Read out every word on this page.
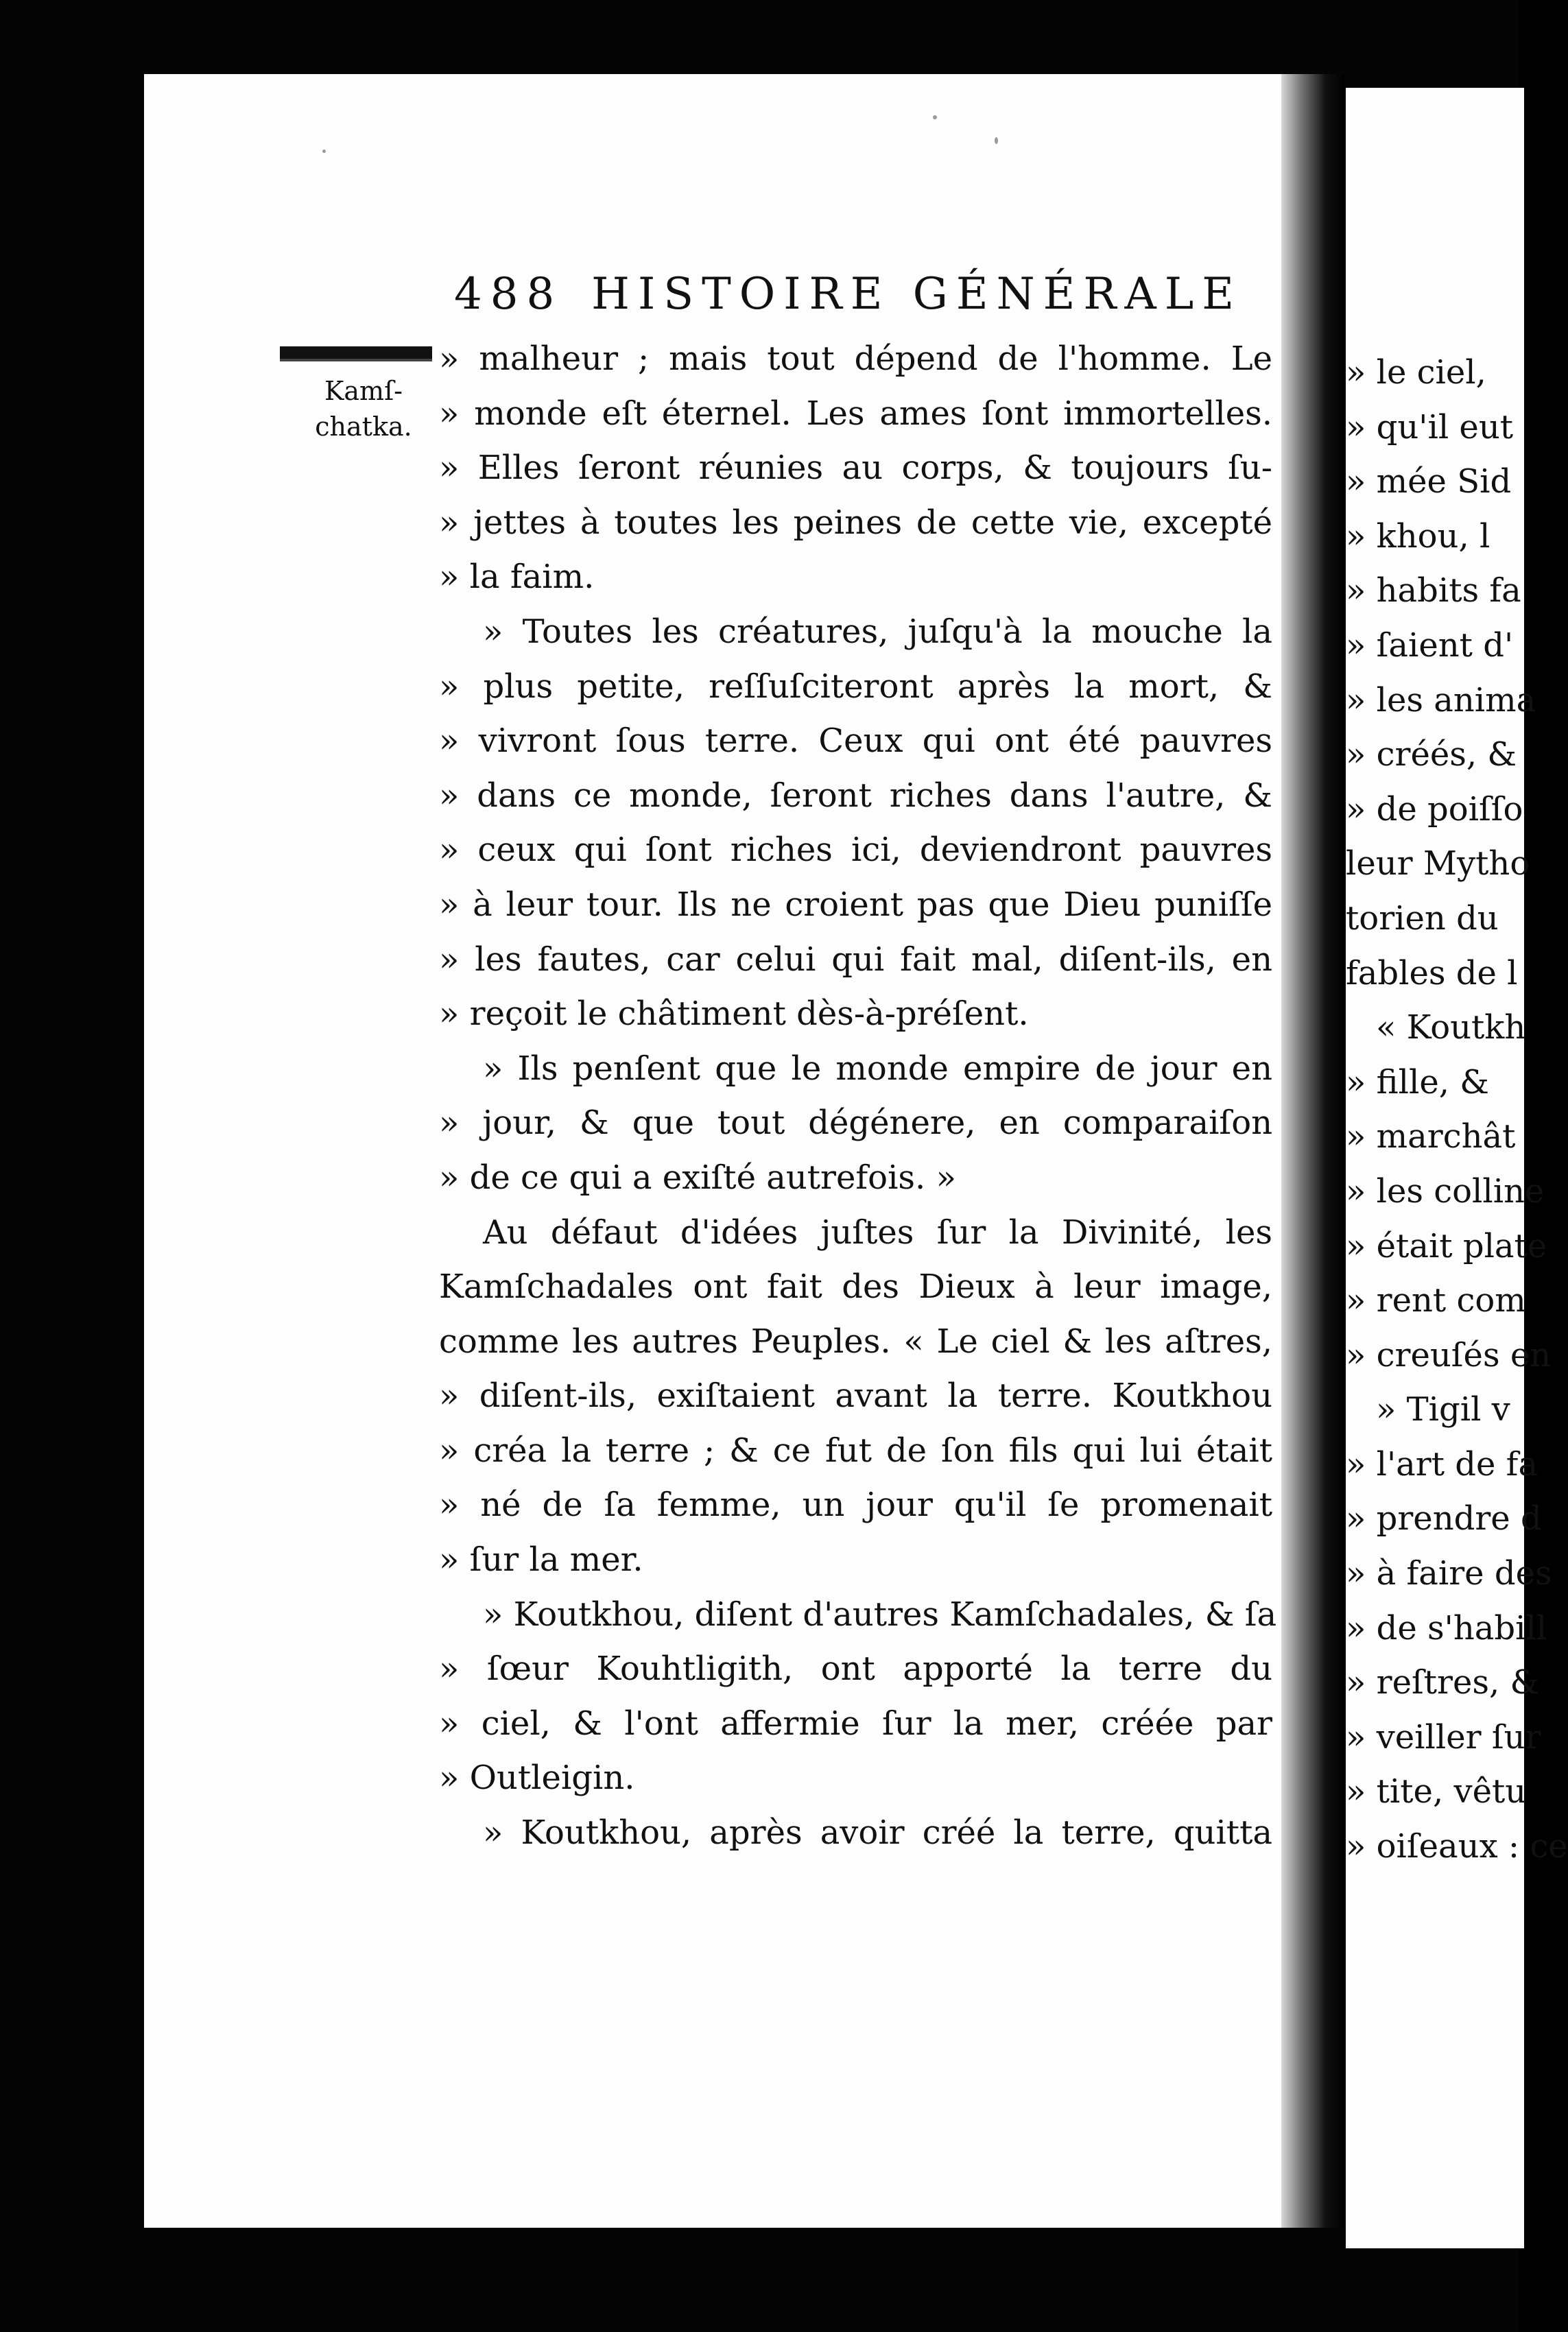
488 HISTOIRE GÉNÉRALE
Kamſ-
chatka.
» malheur ; mais tout dépend de l'homme. Le
» monde eſt éternel. Les ames ſont immortelles.
» Elles ſeront réunies au corps, & toujours ſu-
» jettes à toutes les peines de cette vie, excepté
» la faim.
» Toutes les créatures, juſqu'à la mouche la
» plus petite, reſſuſciteront après la mort, &
» vivront ſous terre. Ceux qui ont été pauvres
» dans ce monde, ſeront riches dans l'autre, &
» ceux qui ſont riches ici, deviendront pauvres
» à leur tour. Ils ne croient pas que Dieu puniſſe
» les fautes, car celui qui fait mal, diſent-ils, en
» reçoit le châtiment dès-à-préſent.
» Ils penſent que le monde empire de jour en
» jour, & que tout dégénere, en comparaiſon
» de ce qui a exiſté autrefois. »
Au défaut d'idées juſtes ſur la Divinité, les
Kamſchadales ont fait des Dieux à leur image,
comme les autres Peuples. « Le ciel & les aſtres,
» diſent-ils, exiſtaient avant la terre. Koutkhou
» créa la terre ; & ce fut de ſon fils qui lui était
» né de ſa femme, un jour qu'il ſe promenait
» ſur la mer.
» Koutkhou, diſent d'autres Kamſchadales, & ſa
» ſœur Kouhtligith, ont apporté la terre du
» ciel, & l'ont affermie ſur la mer, créée par
» Outleigin.
» Koutkhou, après avoir créé la terre, quitta
» le ciel,
» qu'il eut
» mée Sid
» khou, l
» habits fa
» ſaient d'
» les anima
» créés, &
» de poiſſo
leur Mytho
torien du
fables de l
« Koutkh
» fille, &
» marchât
» les colline
» était plate
» rent com
» creuſés en
» Tigil v
» l'art de fa
» prendre d
» à faire des
» de s'habill
» reſtres, &
» veiller ſur
» tite, vêtu
» oiſeaux : ce
